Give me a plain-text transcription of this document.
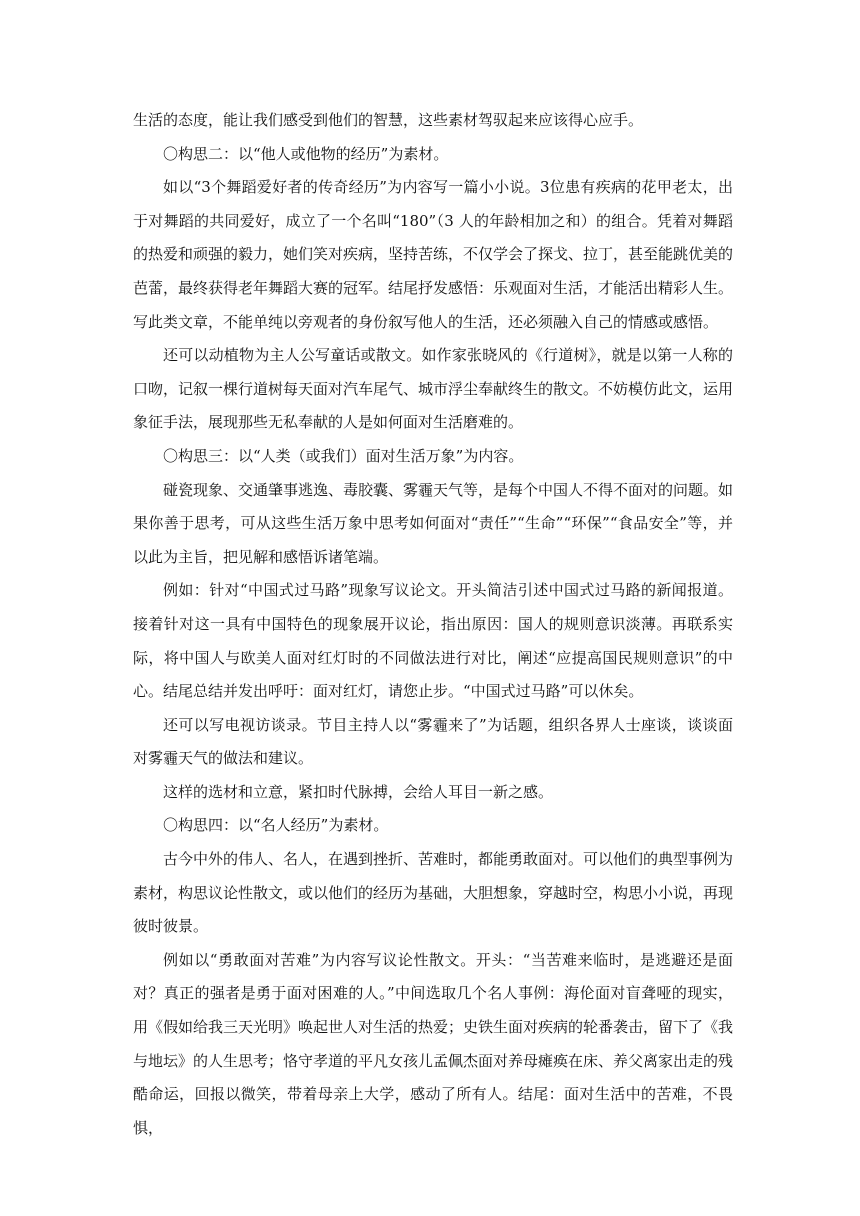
生活的态度，能让我们感受到他们的智慧，这些素材驾驭起来应该得心应手。

〇构思二：以“他人或他物的经历”为素材。

如以“3个舞蹈爱好者的传奇经历”为内容写一篇小小说。3位患有疾病的花甲老太，出于对舞蹈的共同爱好，成立了一个名叫“180”（3 人的年龄相加之和）的组合。凭着对舞蹈的热爱和顽强的毅力，她们笑对疾病，坚持苦练，不仅学会了探戈、拉丁，甚至能跳优美的芭蕾，最终获得老年舞蹈大赛的冠军。结尾抒发感悟：乐观面对生活，才能活出精彩人生。写此类文章，不能单纯以旁观者的身份叙写他人的生活，还必须融入自己的情感或感悟。

还可以动植物为主人公写童话或散文。如作家张晓风的《行道树》，就是以第一人称的口吻，记叙一棵行道树每天面对汽车尾气、城市浮尘奉献终生的散文。不妨模仿此文，运用象征手法，展现那些无私奉献的人是如何面对生活磨难的。

〇构思三：以“人类（或我们）面对生活万象”为内容。

碰瓷现象、交通肇事逃逸、毒胶囊、雾霾天气等，是每个中国人不得不面对的问题。如果你善于思考，可从这些生活万象中思考如何面对“责任”“生命”“环保”“食品安全”等，并以此为主旨，把见解和感悟诉诸笔端。

例如：针对“中国式过马路”现象写议论文。开头简洁引述中国式过马路的新闻报道。接着针对这一具有中国特色的现象展开议论，指出原因：国人的规则意识淡薄。再联系实际，将中国人与欧美人面对红灯时的不同做法进行对比，阐述“应提高国民规则意识”的中心。结尾总结并发出呼吁：面对红灯，请您止步。“中国式过马路”可以休矣。

还可以写电视访谈录。节目主持人以“雾霾来了”为话题，组织各界人士座谈，谈谈面对雾霾天气的做法和建议。

这样的选材和立意，紧扣时代脉搏，会给人耳目一新之感。

〇构思四：以“名人经历”为素材。

古今中外的伟人、名人，在遇到挫折、苦难时，都能勇敢面对。可以他们的典型事例为素材，构思议论性散文，或以他们的经历为基础，大胆想象，穿越时空，构思小小说，再现彼时彼景。

例如以“勇敢面对苦难”为内容写议论性散文。开头：“当苦难来临时，是逃避还是面对？真正的强者是勇于面对困难的人。”中间选取几个名人事例：海伦面对盲聋哑的现实，用《假如给我三天光明》唤起世人对生活的热爱；史铁生面对疾病的轮番袭击，留下了《我与地坛》的人生思考；恪守孝道的平凡女孩儿孟佩杰面对养母瘫痪在床、养父离家出走的残酷命运，回报以微笑，带着母亲上大学，感动了所有人。结尾：面对生活中的苦难，不畏惧，
